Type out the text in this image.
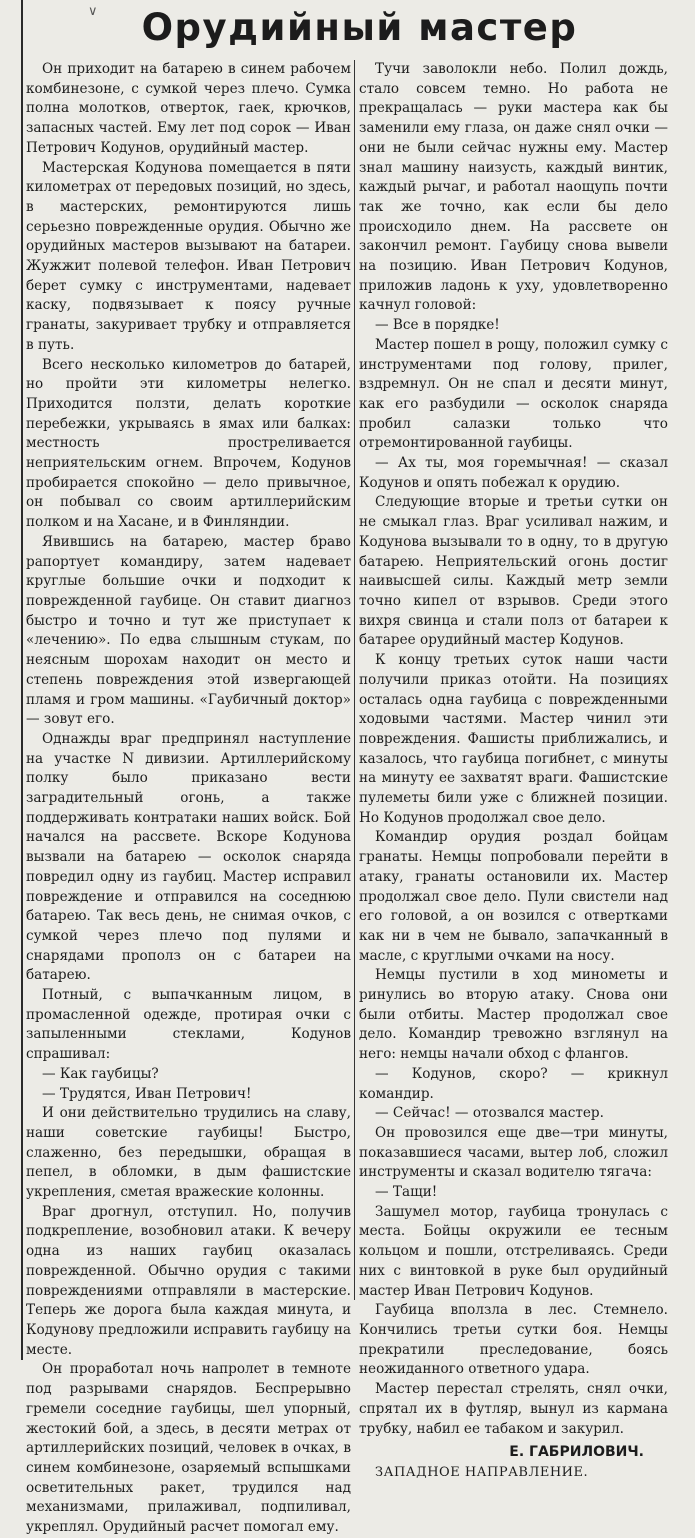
∨	Орудийный мастер

Он приходит на батарею в синем рабочем комбинезоне, с сумкой через плечо. Сумка полна молотков, отверток, гаек, крючков, запасных частей. Ему лет под сорок — Иван Петрович Кодунов, орудийный мастер.

Мастерская Кодунова помещается в пяти километрах от передовых позиций, но здесь, в мастерских, ремонтируются лишь серьезно поврежденные орудия. Обычно же орудийных мастеров вызывают на батареи. Жужжит полевой телефон. Иван Петрович берет сумку с инструментами, надевает каску, подвязывает к поясу ручные гранаты, закуривает трубку и отправляется в путь.

Всего несколько километров до батарей, но пройти эти километры нелегко. Приходится ползти, делать короткие перебежки, укрываясь в ямах или балках: местность простреливается неприятельским огнем. Впрочем, Кодунов пробирается спокойно — дело привычное, он побывал со своим артиллерийским полком и на Хасане, и в Финляндии.

Явившись на батарею, мастер браво рапортует командиру, затем надевает круглые большие очки и подходит к поврежденной гаубице. Он ставит диагноз быстро и точно и тут же приступает к «лечению». По едва слышным стукам, по неясным шорохам находит он место и степень повреждения этой извергающей пламя и гром машины. «Гаубичный доктор» — зовут его.

Однажды враг предпринял наступление на участке N дивизии. Артиллерийскому полку было приказано вести заградительный огонь, а также поддерживать контратаки наших войск. Бой начался на рассвете. Вскоре Кодунова вызвали на батарею — осколок снаряда повредил одну из гаубиц. Мастер исправил повреждение и отправился на соседнюю батарею. Так весь день, не снимая очков, с сумкой через плечо под пулями и снарядами прополз он с батареи на батарею.

Потный, с выпачканным лицом, в промасленной одежде, протирая очки с запыленными стеклами, Кодунов спрашивал:

— Как гаубицы?

— Трудятся, Иван Петрович!

И они действительно трудились на славу, наши советские гаубицы! Быстро, слаженно, без передышки, обращая в пепел, в обломки, в дым фашистские укрепления, сметая вражеские колонны.

Враг дрогнул, отступил. Но, получив подкрепление, возобновил атаки. К вечеру одна из наших гаубиц оказалась поврежденной. Обычно орудия с такими повреждениями отправляли в мастерские. Теперь же дорога была каждая минута, и Кодунову предложили исправить гаубицу на месте.

Он проработал ночь напролет в темноте под разрывами снарядов. Беспрерывно гремели соседние гаубицы, шел упорный, жестокий бой, а здесь, в десяти метрах от артиллерийских позиций, человек в очках, в синем комбинезоне, озаряемый вспышками осветительных ракет, трудился над механизмами, прилаживал, подпиливал, укреплял. Орудийный расчет помогал ему.

Тучи заволокли небо. Полил дождь, стало совсем темно. Но работа не прекращалась — руки мастера как бы заменили ему глаза, он даже снял очки — они не были сейчас нужны ему. Мастер знал машину наизусть, каждый винтик, каждый рычаг, и работал наощупь почти так же точно, как если бы дело происходило днем. На рассвете он закончил ремонт. Гаубицу снова вывели на позицию. Иван Петрович Кодунов, приложив ладонь к уху, удовлетворенно качнул головой:

— Все в порядке!

Мастер пошел в рощу, положил сумку с инструментами под голову, прилег, вздремнул. Он не спал и десяти минут, как его разбудили — осколок снаряда пробил салазки только что отремонтированной гаубицы.

— Ах ты, моя горемычная! — сказал Кодунов и опять побежал к орудию.

Следующие вторые и третьи сутки он не смыкал глаз. Враг усиливал нажим, и Кодунова вызывали то в одну, то в другую батарею. Неприятельский огонь достиг наивысшей силы. Каждый метр земли точно кипел от взрывов. Среди этого вихря свинца и стали полз от батареи к батарее орудийный мастер Кодунов.

К концу третьих суток наши части получили приказ отойти. На позициях осталась одна гаубица с поврежденными ходовыми частями. Мастер чинил эти повреждения. Фашисты приближались, и казалось, что гаубица погибнет, с минуты на минуту ее захватят враги. Фашистские пулеметы били уже с ближней позиции. Но Кодунов продолжал свое дело.

Командир орудия роздал бойцам гранаты. Немцы попробовали перейти в атаку, гранаты остановили их. Мастер продолжал свое дело. Пули свистели над его головой, а он возился с отвертками как ни в чем не бывало, запачканный в масле, с круглыми очками на носу.

Немцы пустили в ход минометы и ринулись во вторую атаку. Снова они были отбиты. Мастер продолжал свое дело. Командир тревожно взглянул на него: немцы начали обход с флангов.

— Кодунов, скоро? — крикнул командир.

— Сейчас! — отозвался мастер.

Он провозился еще две—три минуты, показавшиеся часами, вытер лоб, сложил инструменты и сказал водителю тягача:

— Тащи!

Зашумел мотор, гаубица тронулась с места. Бойцы окружили ее тесным кольцом и пошли, отстреливаясь. Среди них с винтовкой в руке был орудийный мастер Иван Петрович Кодунов.

Гаубица вползла в лес. Стемнело. Кончились третьи сутки боя. Немцы прекратили преследование, боясь неожиданного ответного удара.

Мастер перестал стрелять, снял очки, спрятал их в футляр, вынул из кармана трубку, набил ее табаком и закурил.

Е. ГАБРИЛОВИЧ.

ЗАПАДНОЕ НАПРАВЛЕНИЕ.
